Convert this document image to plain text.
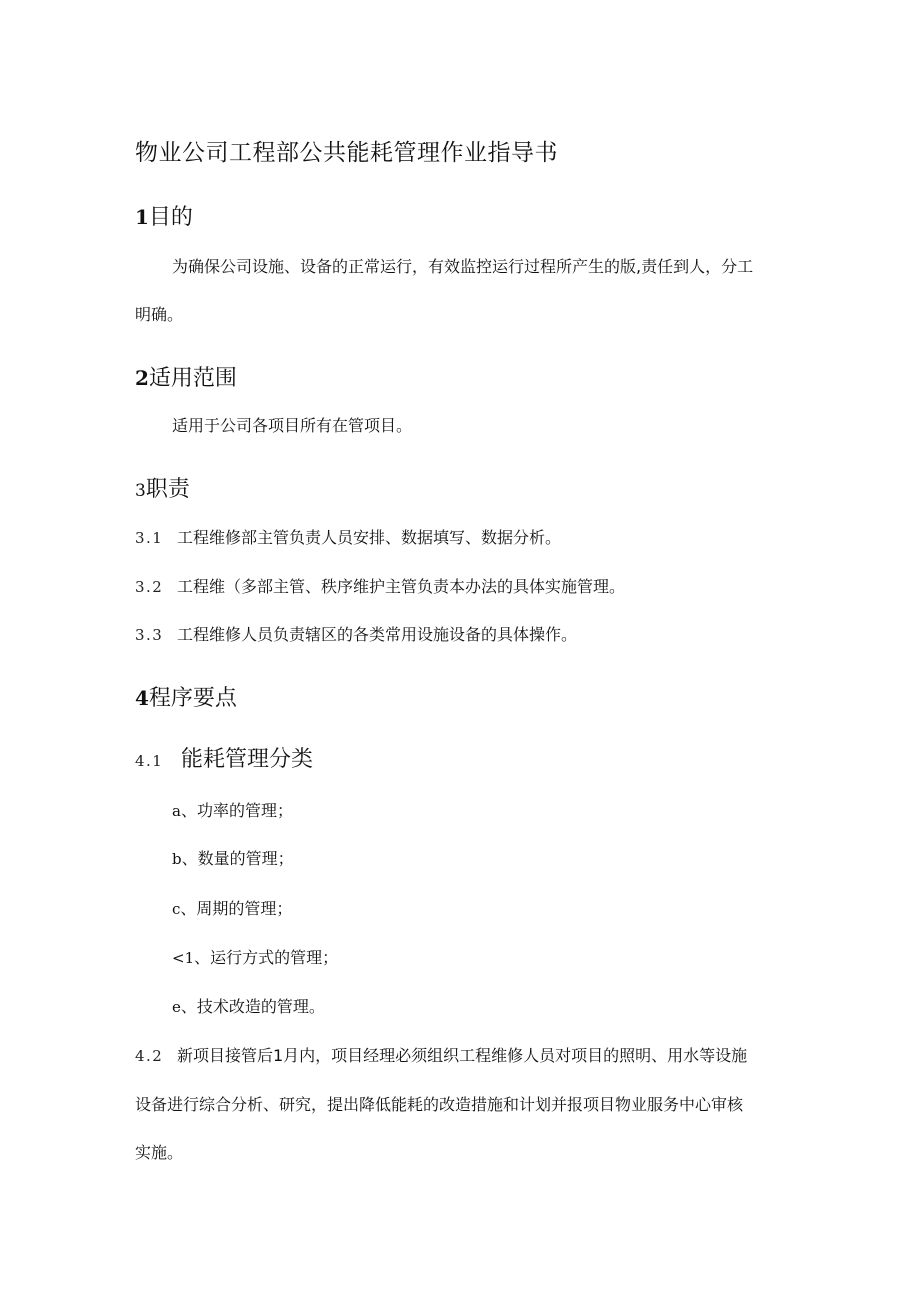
物业公司工程部公共能耗管理作业指导书
1目的
为确保公司设施、设备的正常运行，有效监控运行过程所产生的版,责任到人，分工
明确。
2适用范围
适用于公司各项目所有在管项目。
3职责
3.1 工程维修部主管负责人员安排、数据填写、数据分析。
3.2 工程维（多部主管、秩序维护主管负责本办法的具体实施管理。
3.3 工程维修人员负责辖区的各类常用设施设备的具体操作。
4程序要点
4.1 能耗管理分类
a、功率的管理；
b、数量的管理；
c、周期的管理；
<1、运行方式的管理；
e、技术改造的管理。
4.2 新项目接管后1月内，项目经理必须组织工程维修人员对项目的照明、用水等设施
设备进行综合分析、研究，提出降低能耗的改造措施和计划并报项目物业服务中心审核
实施。
